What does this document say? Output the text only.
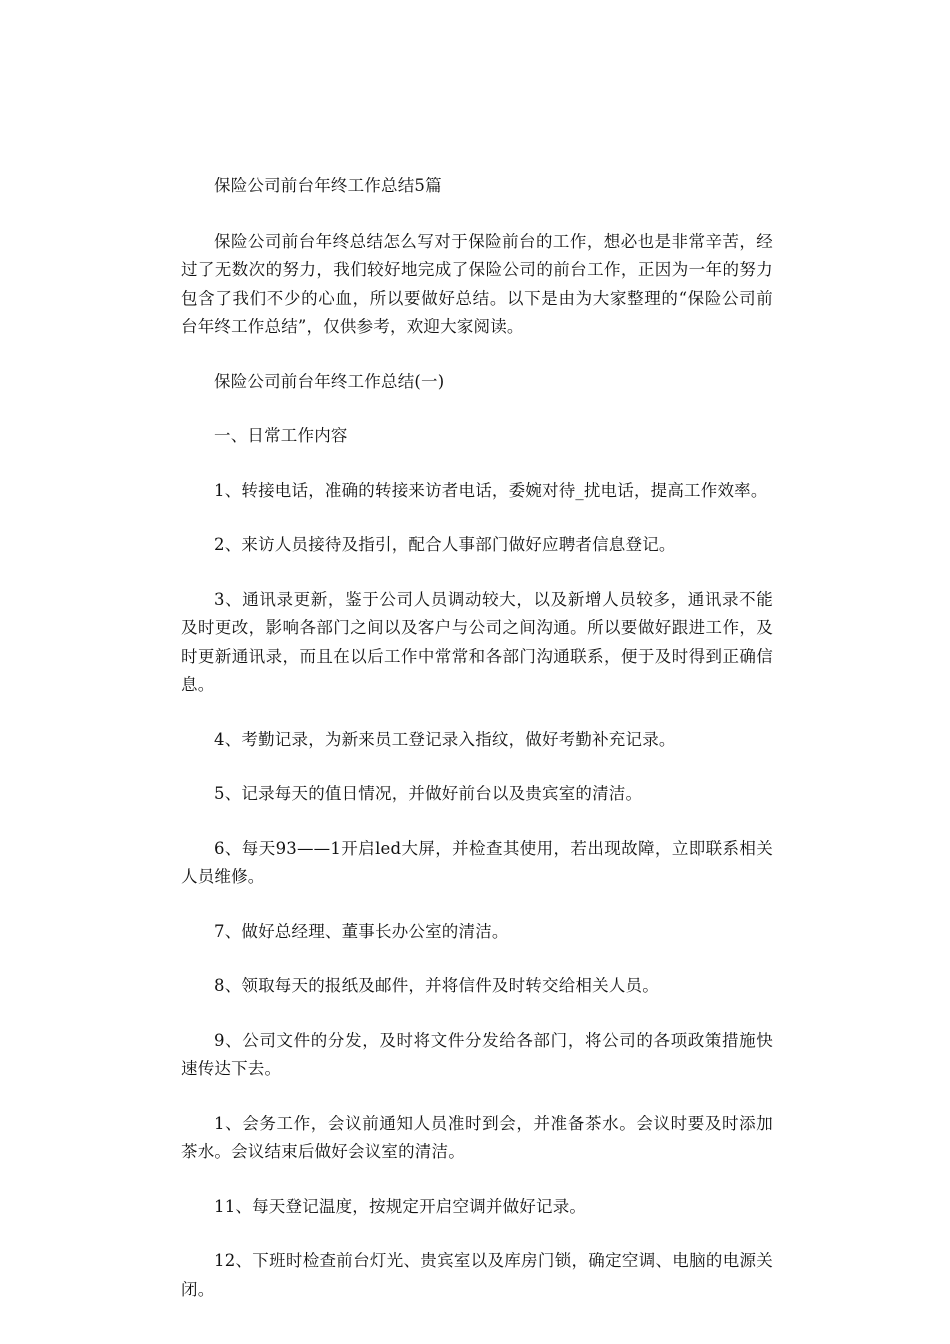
保险公司前台年终工作总结5篇

保险公司前台年终总结怎么写对于保险前台的工作，想必也是非常辛苦，经过了无数次的努力，我们较好地完成了保险公司的前台工作，正因为一年的努力包含了我们不少的心血，所以要做好总结。以下是由为大家整理的“保险公司前台年终工作总结”，仅供参考，欢迎大家阅读。

保险公司前台年终工作总结(一)

一、日常工作内容

1、转接电话，准确的转接来访者电话，委婉对待_扰电话，提高工作效率。

2、来访人员接待及指引，配合人事部门做好应聘者信息登记。

3、通讯录更新，鉴于公司人员调动较大，以及新增人员较多，通讯录不能及时更改，影响各部门之间以及客户与公司之间沟通。所以要做好跟进工作，及时更新通讯录，而且在以后工作中常常和各部门沟通联系，便于及时得到正确信息。

4、考勤记录，为新来员工登记录入指纹，做好考勤补充记录。

5、记录每天的值日情况，并做好前台以及贵宾室的清洁。

6、每天93——1开启led大屏，并检查其使用，若出现故障，立即联系相关人员维修。

7、做好总经理、董事长办公室的清洁。

8、领取每天的报纸及邮件，并将信件及时转交给相关人员。

9、公司文件的分发，及时将文件分发给各部门，将公司的各项政策措施快速传达下去。

1、会务工作，会议前通知人员准时到会，并准备茶水。会议时要及时添加茶水。会议结束后做好会议室的清洁。

11、每天登记温度，按规定开启空调并做好记录。

12、下班时检查前台灯光、贵宾室以及库房门锁，确定空调、电脑的电源关闭。
